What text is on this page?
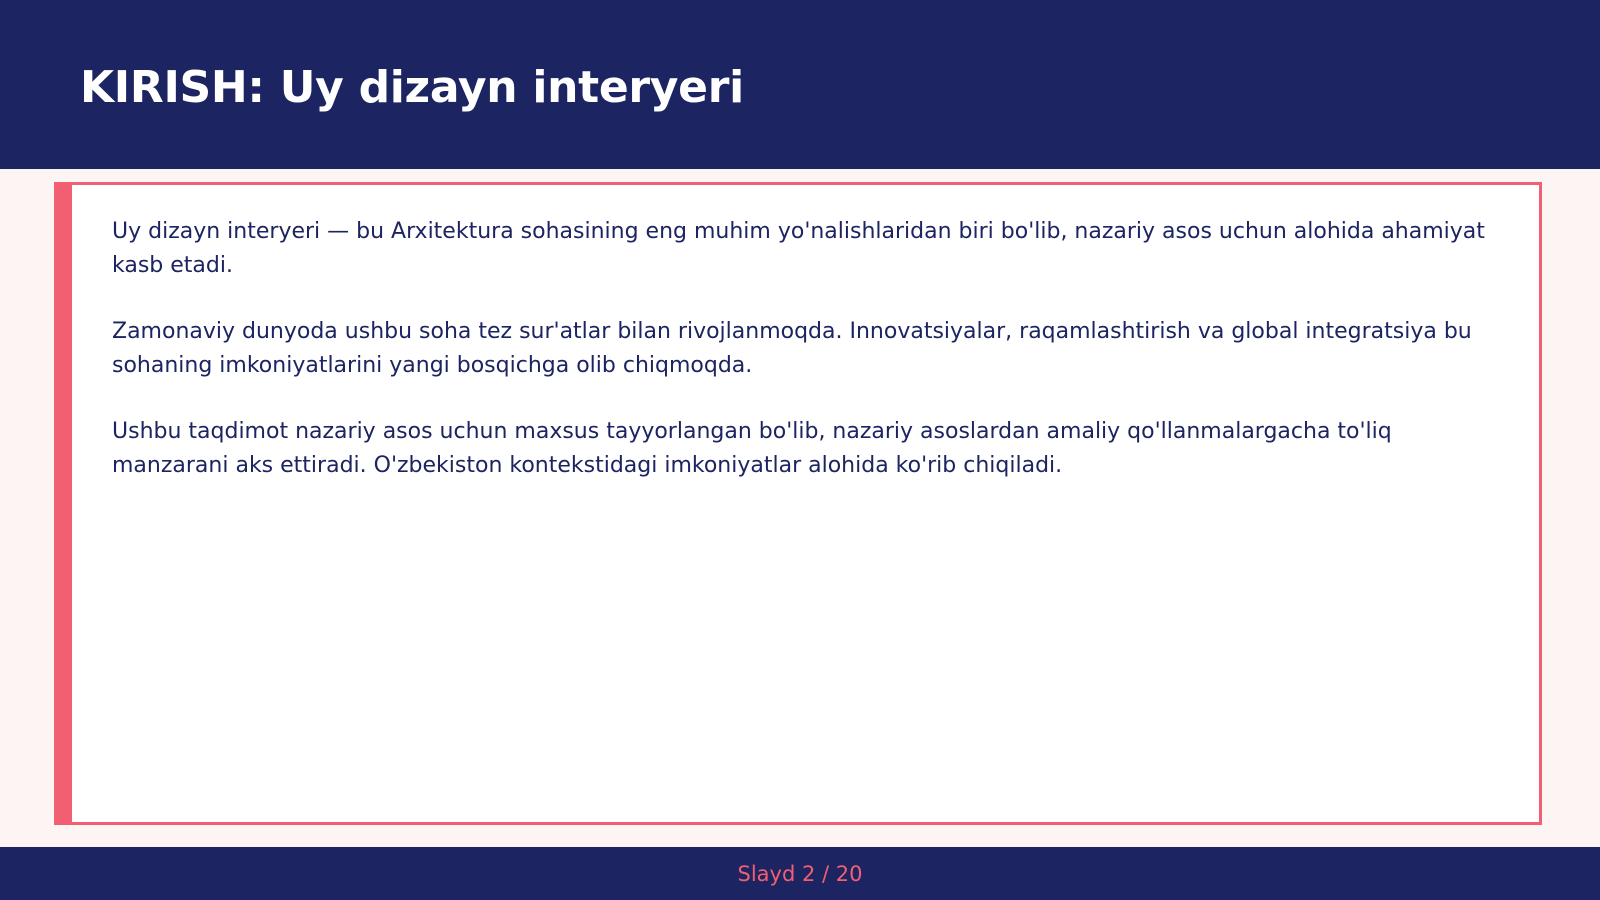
KIRISH: Uy dizayn interyeri

Uy dizayn interyeri — bu Arxitektura sohasining eng muhim yo'nalishlaridan biri bo'lib, nazariy asos uchun alohida ahamiyat kasb etadi.

Zamonaviy dunyoda ushbu soha tez sur'atlar bilan rivojlanmoqda. Innovatsiyalar, raqamlashtirish va global integratsiya bu sohaning imkoniyatlarini yangi bosqichga olib chiqmoqda.

Ushbu taqdimot nazariy asos uchun maxsus tayyorlangan bo'lib, nazariy asoslardan amaliy qo'llanmalargacha to'liq manzarani aks ettiradi. O'zbekiston kontekstidagi imkoniyatlar alohida ko'rib chiqiladi.

Slayd 2 / 20
